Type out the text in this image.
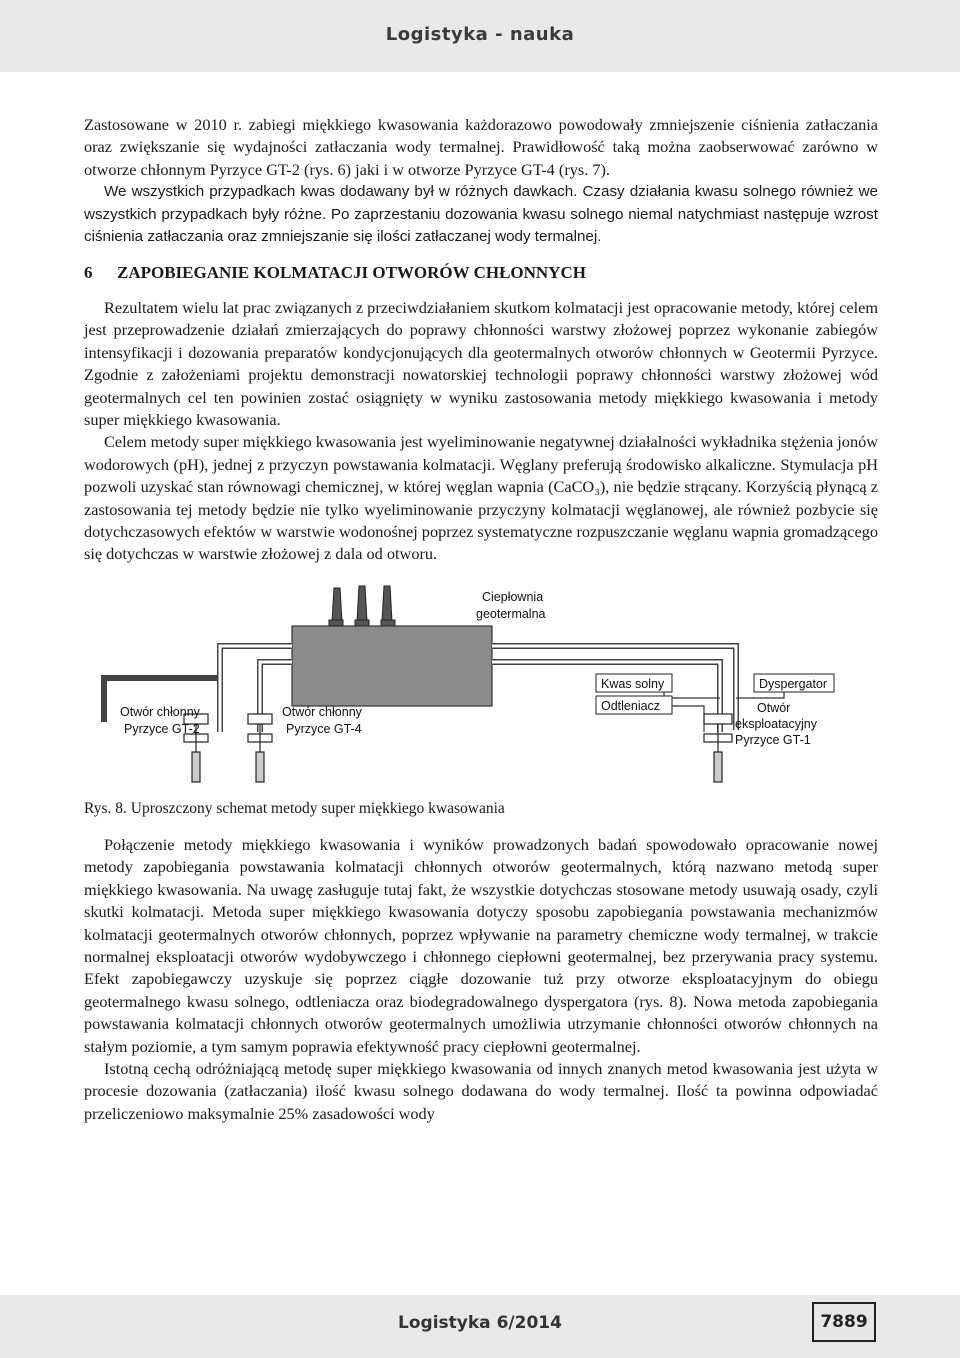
Logistyka - nauka

Zastosowane w 2010 r. zabiegi miękkiego kwasowania każdorazowo powodowały zmniejszenie ciśnienia zatłaczania oraz zwiększanie się wydajności zatłaczania wody termalnej. Prawidłowość taką można zaobserwować zarówno w otworze chłonnym Pyrzyce GT-2 (rys. 6) jaki i w otworze Pyrzyce GT-4 (rys. 7).

We wszystkich przypadkach kwas dodawany był w różnych dawkach. Czasy działania kwasu solnego również we wszystkich przypadkach były różne. Po zaprzestaniu dozowania kwasu solnego niemal natychmiast następuje wzrost ciśnienia zatłaczania oraz zmniejszanie się ilości zatłaczanej wody termalnej.

6 ZAPOBIEGANIE KOLMATACJI OTWORÓW CHŁONNYCH

Rezultatem wielu lat prac związanych z przeciwdziałaniem skutkom kolmatacji jest opracowanie metody, której celem jest przeprowadzenie działań zmierzających do poprawy chłonności warstwy złożowej poprzez wykonanie zabiegów intensyfikacji i dozowania preparatów kondycjonujących dla geotermalnych otworów chłonnych w Geotermii Pyrzyce. Zgodnie z założeniami projektu demonstracji nowatorskiej technologii poprawy chłonności warstwy złożowej wód geotermalnych cel ten powinien zostać osiągnięty w wyniku zastosowania metody miękkiego kwasowania i metody super miękkiego kwasowania.

Celem metody super miękkiego kwasowania jest wyeliminowanie negatywnej działalności wykładnika stężenia jonów wodorowych (pH), jednej z przyczyn powstawania kolmatacji. Węglany preferują środowisko alkaliczne. Stymulacja pH pozwoli uzyskać stan równowagi chemicznej, w której węglan wapnia (CaCO₃), nie będzie strącany. Korzyścią płynącą z zastosowania tej metody będzie nie tylko wyeliminowanie przyczyny kolmatacji węglanowej, ale również pozbycie się dotychczasowych efektów w warstwie wodonośnej poprzez systematyczne rozpuszczanie węglanu wapnia gromadzącego się dotychczas w warstwie złożowej z dala od otworu.

Ciepłownia
geotermalna
Kwas solny
Odtleniacz
Dyspergator
Otwór chłonny
Pyrzyce GT-2
Otwór chłonny
Pyrzyce GT-4
Otwór
eksploatacyjny
Pyrzyce GT-1
Rys. 8. Uproszczony schemat metody super miękkiego kwasowania

Połączenie metody miękkiego kwasowania i wyników prowadzonych badań spowodowało opracowanie nowej metody zapobiegania powstawania kolmatacji chłonnych otworów geotermalnych, którą nazwano metodą super miękkiego kwasowania. Na uwagę zasługuje tutaj fakt, że wszystkie dotychczas stosowane metody usuwają osady, czyli skutki kolmatacji. Metoda super miękkiego kwasowania dotyczy sposobu zapobiegania powstawania mechanizmów kolmatacji geotermalnych otworów chłonnych, poprzez wpływanie na parametry chemiczne wody termalnej, w trakcie normalnej eksploatacji otworów wydobywczego i chłonnego ciepłowni geotermalnej, bez przerywania pracy systemu. Efekt zapobiegawczy uzyskuje się poprzez ciągłe dozowanie tuż przy otworze eksploatacyjnym do obiegu geotermalnego kwasu solnego, odtleniacza oraz biodegradowalnego dyspergatora (rys. 8). Nowa metoda zapobiegania powstawania kolmatacji chłonnych otworów geotermalnych umożliwia utrzymanie chłonności otworów chłonnych na stałym poziomie, a tym samym poprawia efektywność pracy ciepłowni geotermalnej.

Istotną cechą odróżniającą metodę super miękkiego kwasowania od innych znanych metod kwasowania jest użyta w procesie dozowania (zatłaczania) ilość kwasu solnego dodawana do wody termalnej. Ilość ta powinna odpowiadać przeliczeniowo maksymalnie 25% zasadowości wody

Logistyka 6/2014	7889
